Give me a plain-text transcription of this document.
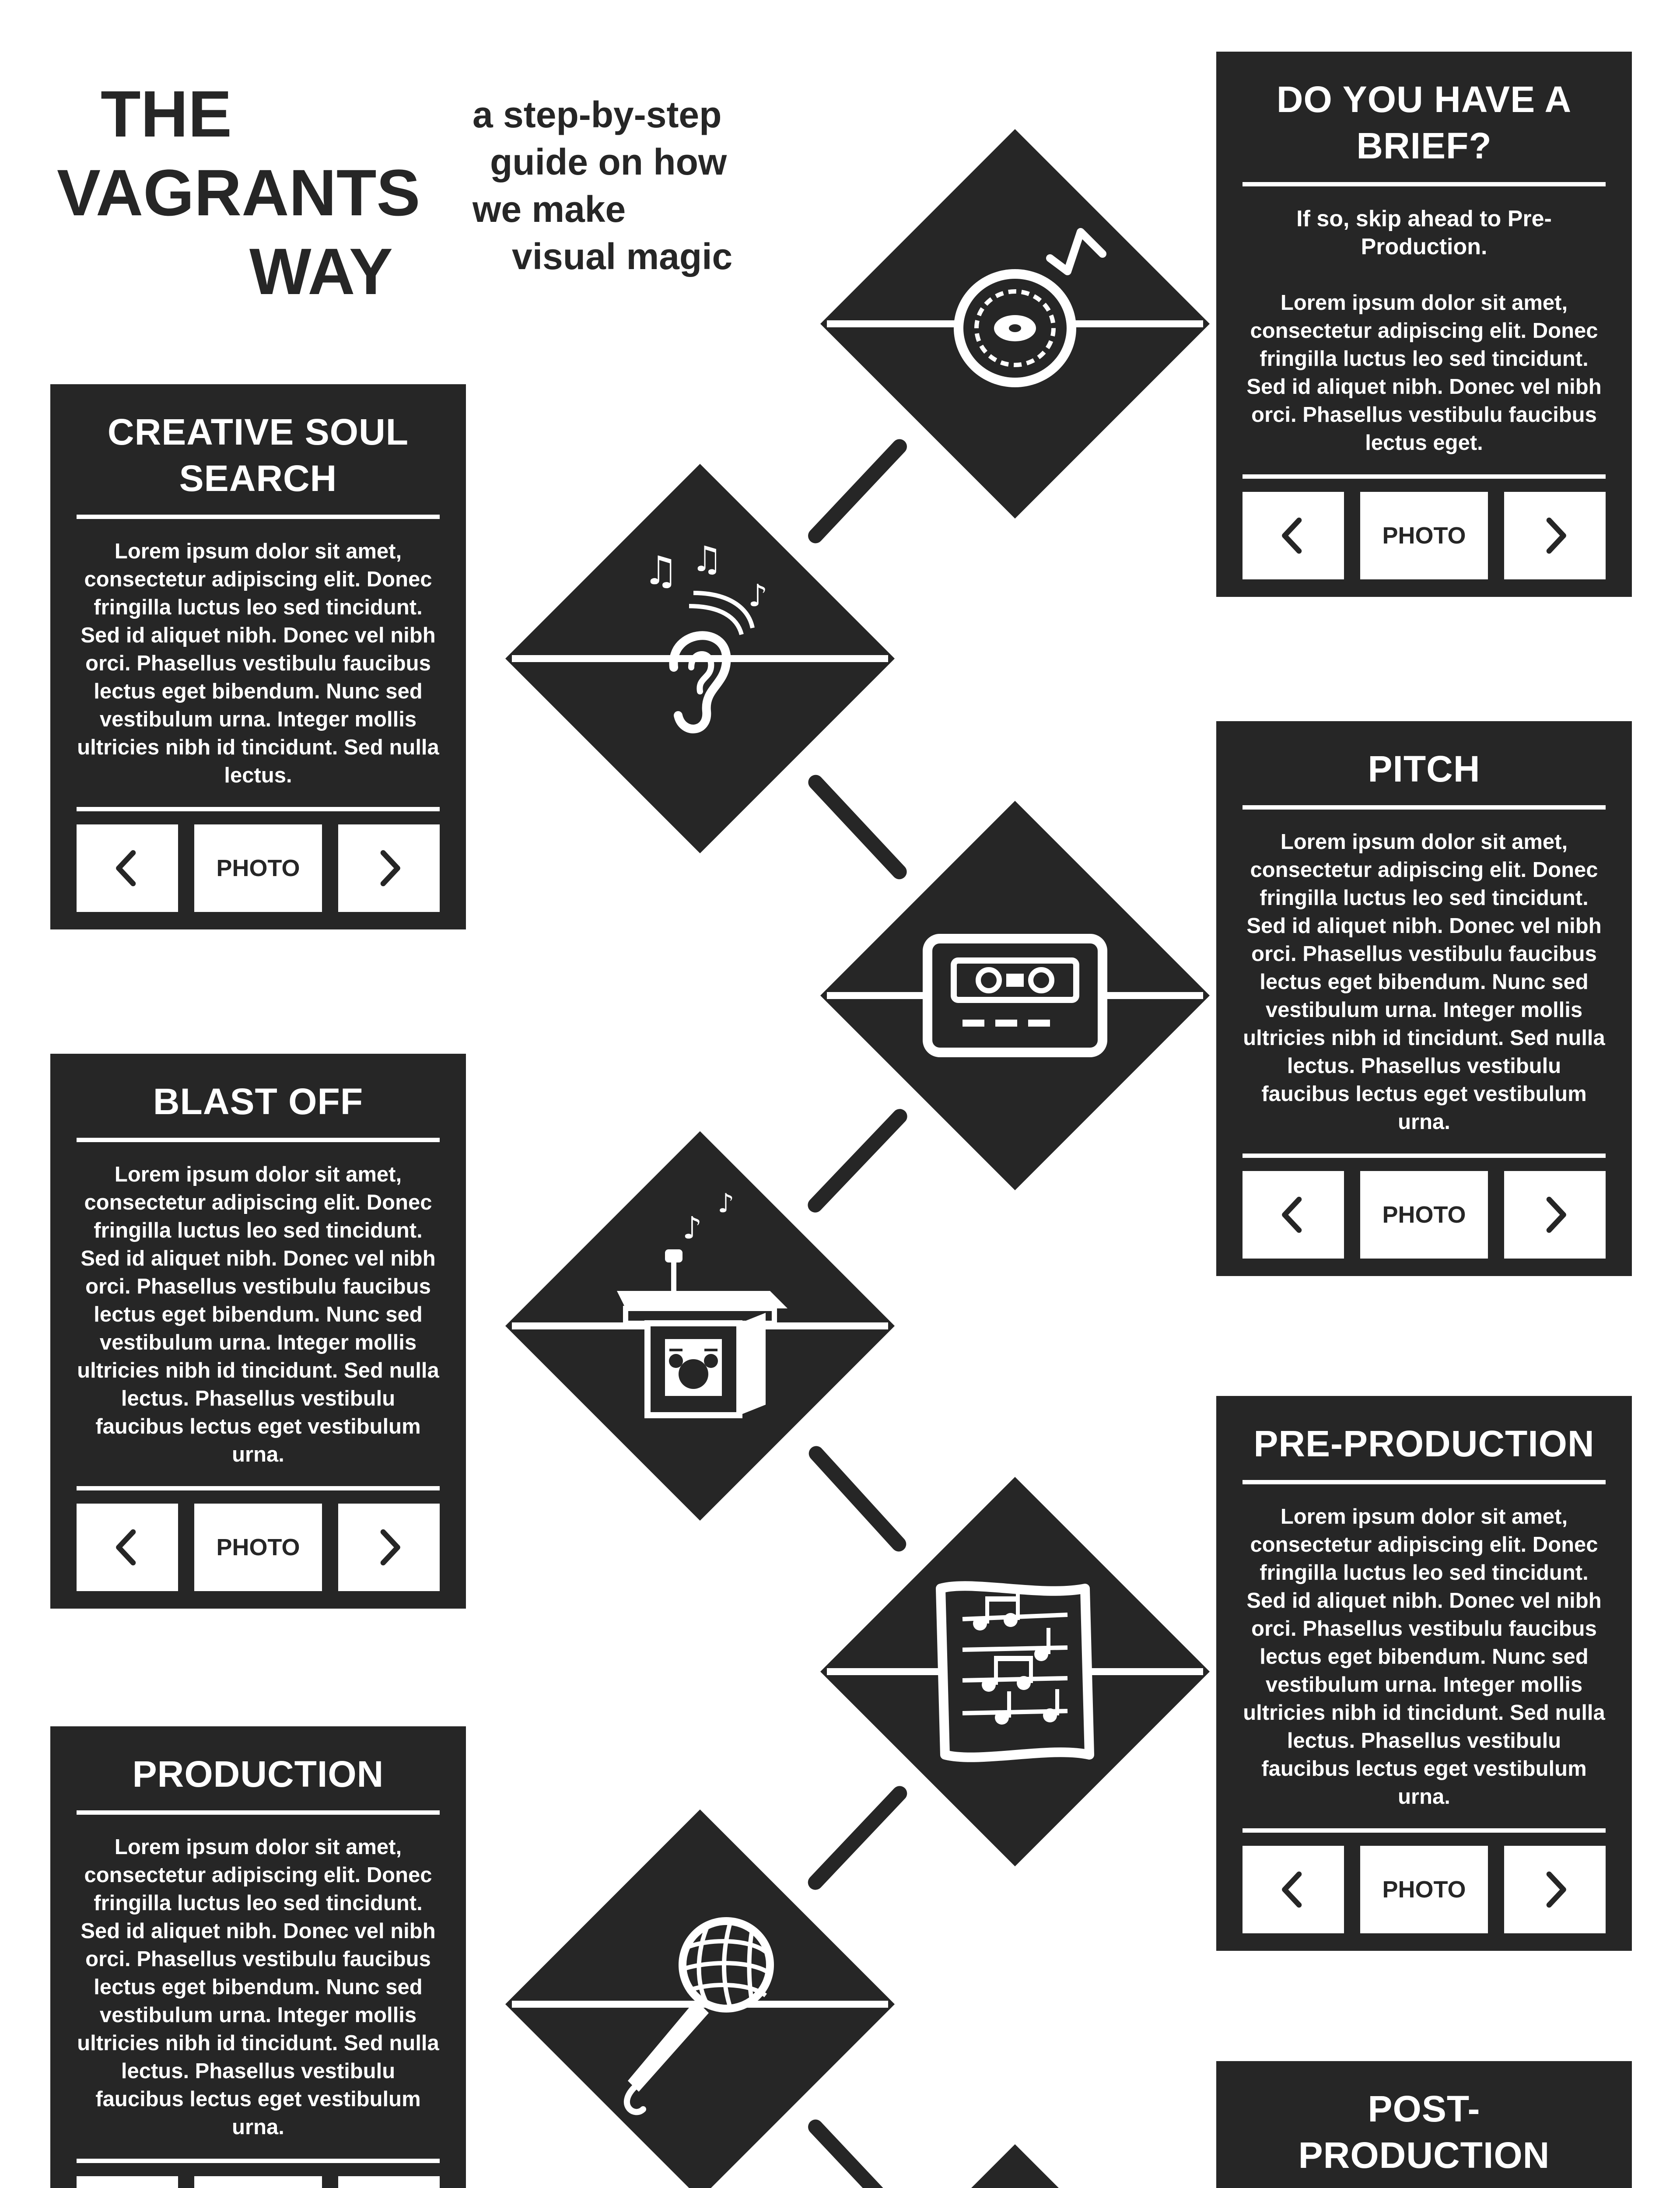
THE
VAGRANTS
WAY
a step-by-step
guide on how
we make
visual magic
DO YOU HAVE A BRIEF?
If so, skip ahead to Pre-Production.

Lorem ipsum dolor sit amet, consectetur adipiscing elit. Donec fringilla luctus leo sed tincidunt. Sed id aliquet nibh. Donec vel nibh orci. Phasellus vestibulu faucibus lectus eget.

PHOTO
CREATIVE SOUL SEARCH

Lorem ipsum dolor sit amet, consectetur adipiscing elit. Donec fringilla luctus leo sed tincidunt. Sed id aliquet nibh. Donec vel nibh orci. Phasellus vestibulu faucibus lectus eget bibendum. Nunc sed vestibulum urna. Integer mollis ultricies nibh id tincidunt. Sed nulla lectus.

PHOTO
PITCH

Lorem ipsum dolor sit amet, consectetur adipiscing elit. Donec fringilla luctus leo sed tincidunt. Sed id aliquet nibh. Donec vel nibh orci. Phasellus vestibulu faucibus lectus eget bibendum. Nunc sed vestibulum urna. Integer mollis ultricies nibh id tincidunt. Sed nulla lectus. Phasellus vestibulu faucibus lectus eget vestibulum urna.

PHOTO
BLAST OFF

Lorem ipsum dolor sit amet, consectetur adipiscing elit. Donec fringilla luctus leo sed tincidunt. Sed id aliquet nibh. Donec vel nibh orci. Phasellus vestibulu faucibus lectus eget bibendum. Nunc sed vestibulum urna. Integer mollis ultricies nibh id tincidunt. Sed nulla lectus. Phasellus vestibulu faucibus lectus eget vestibulum urna.

PHOTO
PRE-PRODUCTION

Lorem ipsum dolor sit amet, consectetur adipiscing elit. Donec fringilla luctus leo sed tincidunt. Sed id aliquet nibh. Donec vel nibh orci. Phasellus vestibulu faucibus lectus eget bibendum. Nunc sed vestibulum urna. Integer mollis ultricies nibh id tincidunt. Sed nulla lectus. Phasellus vestibulu faucibus lectus eget vestibulum urna.

PHOTO
PRODUCTION

Lorem ipsum dolor sit amet, consectetur adipiscing elit. Donec fringilla luctus leo sed tincidunt. Sed id aliquet nibh. Donec vel nibh orci. Phasellus vestibulu faucibus lectus eget bibendum. Nunc sed vestibulum urna. Integer mollis ultricies nibh id tincidunt. Sed nulla lectus. Phasellus vestibulu faucibus lectus eget vestibulum urna.	POST-PRODUCTION

♫ ♫
♪
♪
♪
